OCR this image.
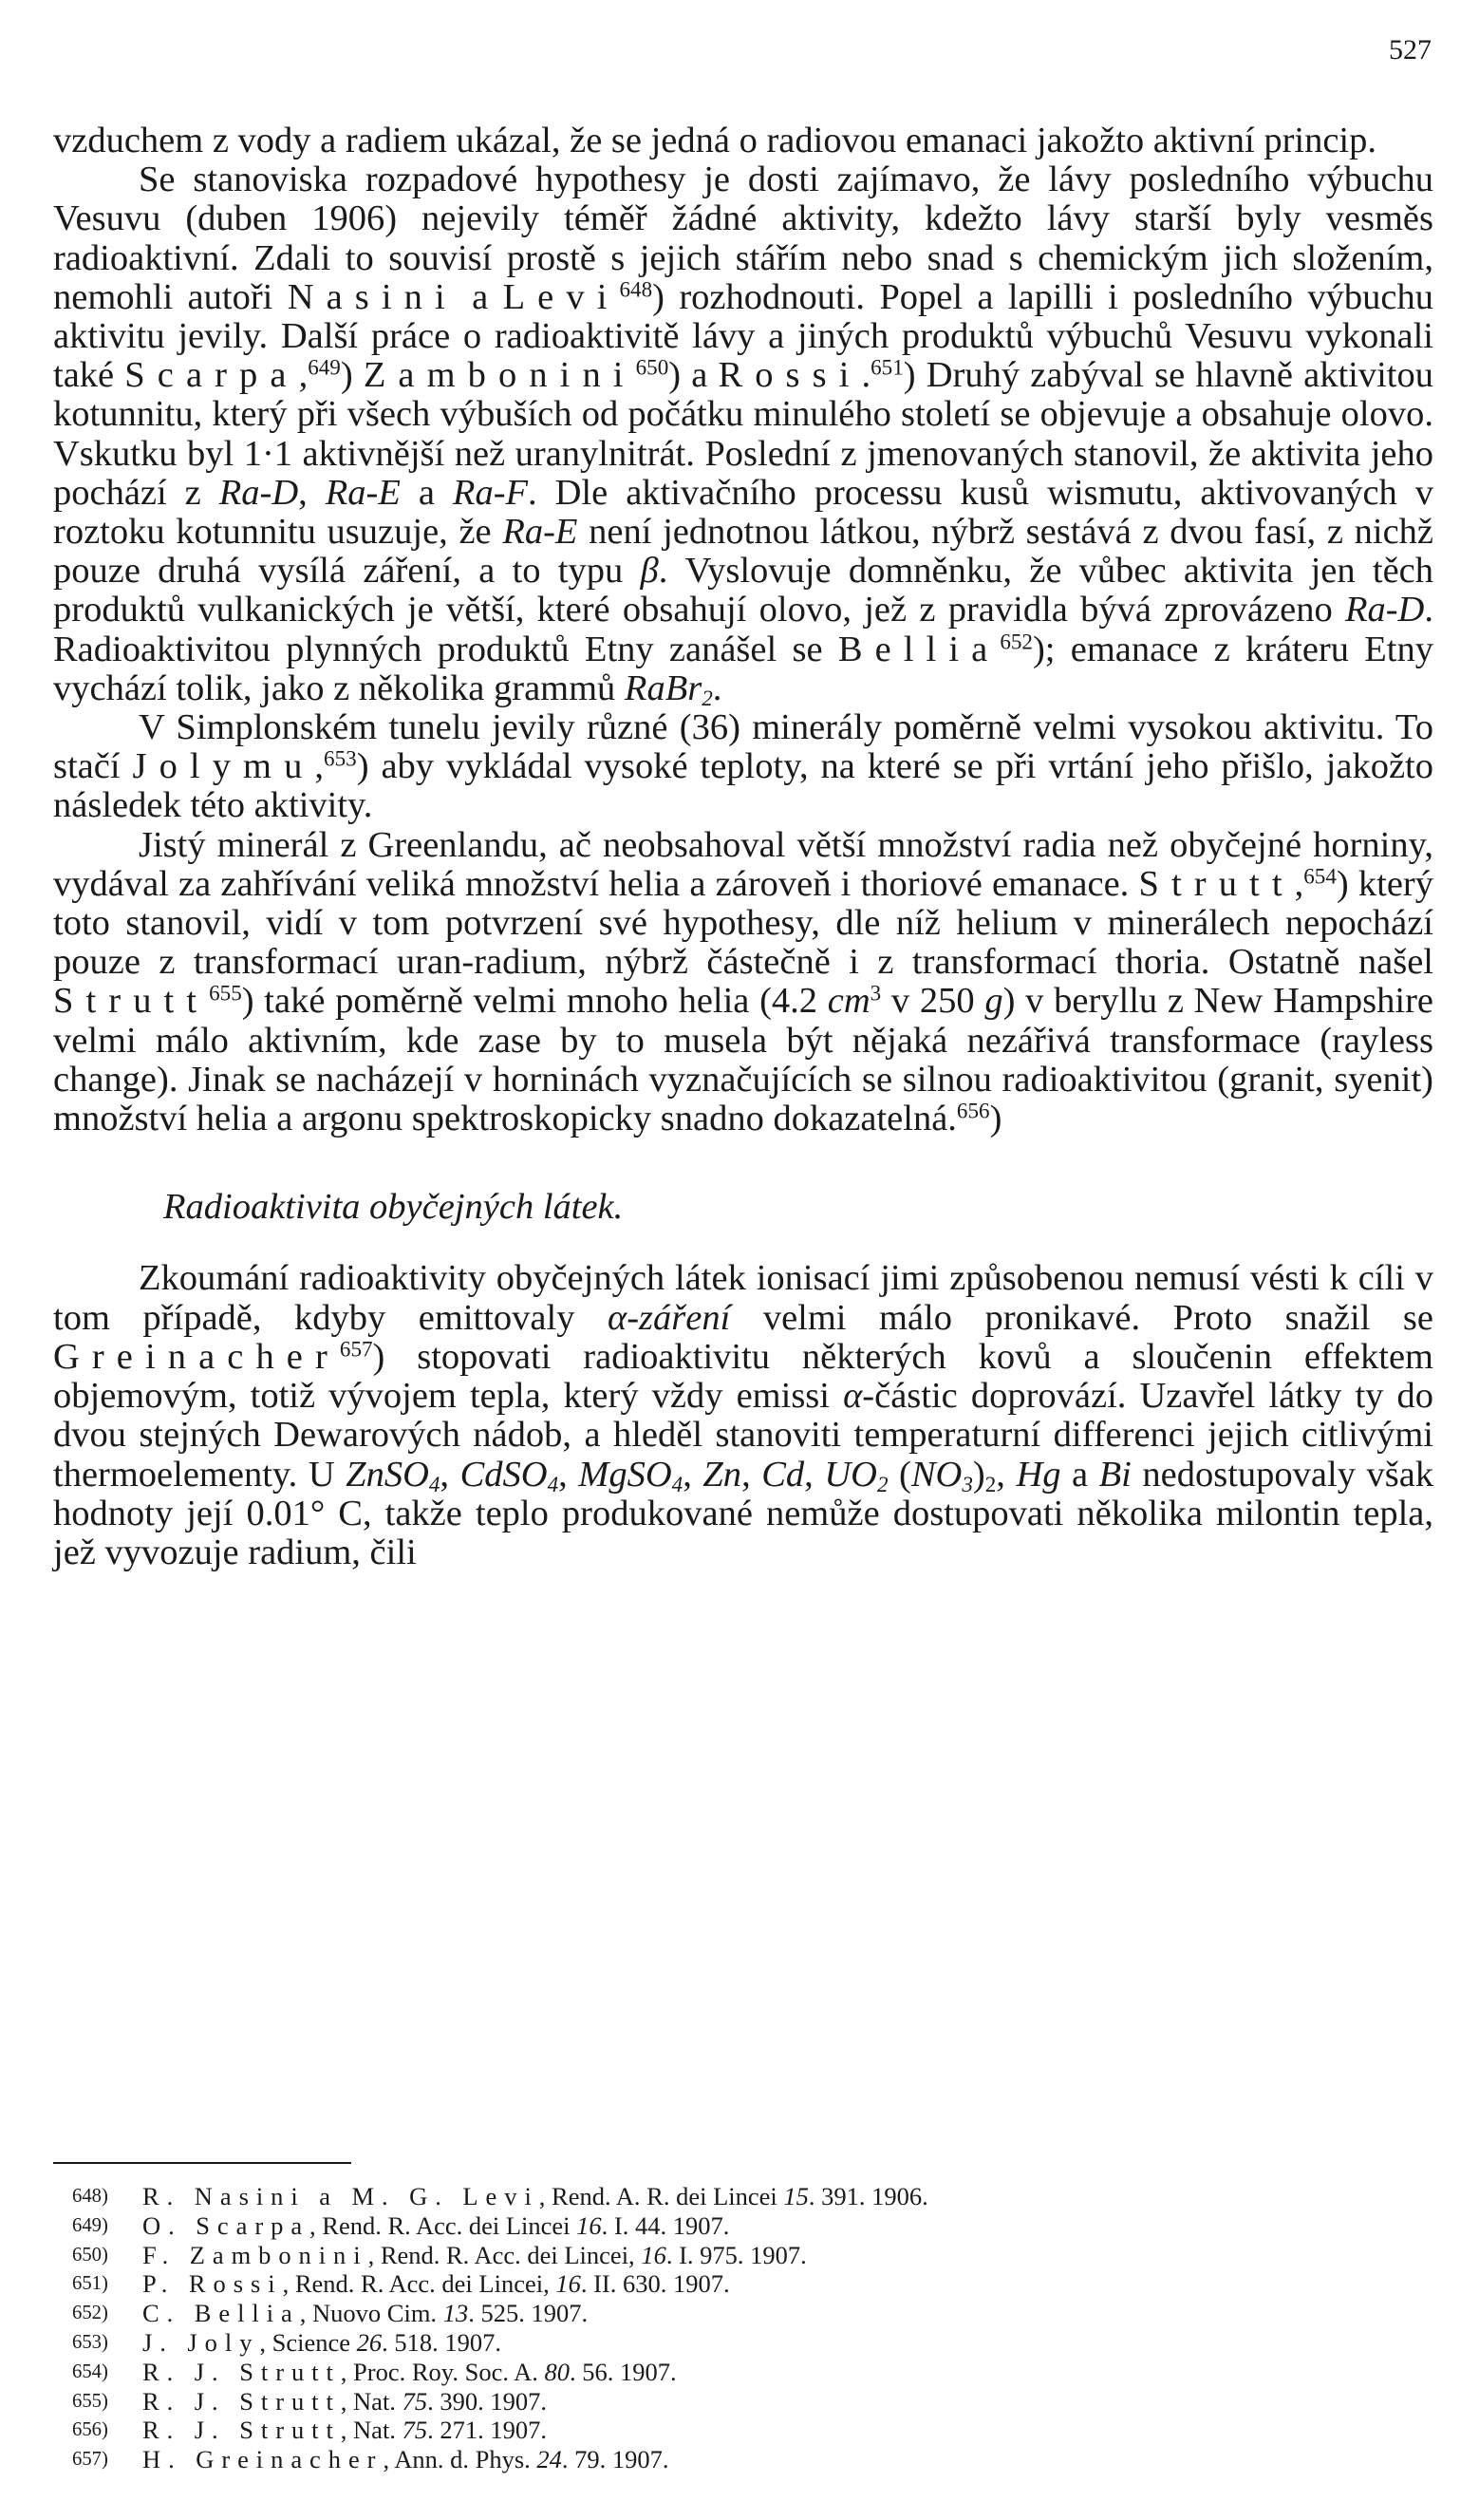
527

vzduchem z vody a radiem ukázal, že se jedná o radiovou emanaci jakožto aktivní princip.

Se stanoviska rozpadové hypothesy je dosti zajímavo, že lávy posledního výbuchu Vesuvu (duben 1906) nejevily téměř žádné aktivity, kdežto lávy starší byly vesměs radioaktivní. Zdali to souvisí prostě s jejich stářím nebo snad s chemickým jich složením, nemohli autoři Nasini a Levi$^{648}$) rozhodnouti. Popel a lapilli i posledního výbuchu aktivitu jevily. Další práce o radioaktivitě lávy a jiných produktů výbuchů Vesuvu vykonali také Scarpa,$^{649}$) Zambonini$^{650}$) a Rossi.$^{651}$) Druhý zabýval se hlavně aktivitou kotunnitu, který při všech výbuších od počátku minulého století se objevuje a obsahuje olovo. Vskutku byl 1·1 aktivnější než uranylnitrát. Poslední z jmenovaných stanovil, že aktivita jeho pochází z Ra-D, Ra-E a Ra-F. Dle aktivačního processu kusů wismutu, aktivovaných v roztoku kotunnitu usuzuje, že Ra-E není jednotnou látkou, nýbrž sestává z dvou fasí, z nichž pouze druhá vysílá záření, a to typu β. Vyslovuje domněnku, že vůbec aktivita jen těch produktů vulkanických je větší, které obsahují olovo, jež z pravidla bývá zprovázeno Ra-D. Radioaktivitou plynných produktů Etny zanášel se Bellia$^{652}$); emanace z kráteru Etny vychází tolik, jako z několika grammů RaBr$_2$.

V Simplonském tunelu jevily různé (36) minerály poměrně velmi vysokou aktivitu. To stačí Jolymu,$^{653}$) aby vykládal vysoké teploty, na které se při vrtání jeho přišlo, jakožto následek této aktivity.

Jistý minerál z Greenlandu, ač neobsahoval větší množství radia než obyčejné horniny, vydával za zahřívání veliká množství helia a zároveň i thoriové emanace. Strutt,$^{654}$) který toto stanovil, vidí v tom potvrzení své hypothesy, dle níž helium v minerálech nepochází pouze z transformací uran-radium, nýbrž částečně i z transformací thoria. Ostatně našel Strutt$^{655}$) také poměrně velmi mnoho helia (4.2 $cm^3$ v 250 g) v beryllu z New Hampshire velmi málo aktivním, kde zase by to musela být nějaká nezářivá transformace (rayless change). Jinak se nacházejí v horninách vyznačujících se silnou radioaktivitou (granit, syenit) množství helia a argonu spektroskopicky snadno dokazatelná.$^{656}$)

Radioaktivita obyčejných látek.

Zkoumání radioaktivity obyčejných látek ionisací jimi způsobenou nemusí vésti k cíli v tom případě, kdyby emittovaly α-záření velmi málo pronikavé. Proto snažil se Greinacher$^{657}$) stopovati radioaktivitu některých kovů a sloučenin effektem objemovým, totiž vývojem tepla, který vždy emissi α-částic doprovází. Uzavřel látky ty do dvou stejných Dewarových nádob, a hleděl stanoviti temperaturní differenci jejich citlivými thermoelementy. U ZnSO$_4$, CdSO$_4$, MgSO$_4$, Zn, Cd, $UO_2$ $(NO_3)_2$, Hg a Bi nedostupovaly však hodnoty její 0.01° C, takže teplo produkované nemůže dostupovati několika milontin tepla, jež vyvozuje radium, čili

$^{648)}$	R. Nasini a M. G. Levi, Rend. A. R. dei Lincei 15. 391. 1906.
$^{649)}$	O. Scarpa, Rend. R. Acc. dei Lincei 16. I. 44. 1907.
$^{650)}$	F. Zambonini, Rend. R. Acc. dei Lincei, 16. I. 975. 1907.
$^{651)}$	P. Rossi, Rend. R. Acc. dei Lincei, 16. II. 630. 1907.
$^{652)}$	C. Bellia, Nuovo Cim. 13. 525. 1907.
$^{653)}$	J. Joly, Science 26. 518. 1907.
$^{654)}$	R. J. Strutt, Proc. Roy. Soc. A. 80. 56. 1907.
$^{655)}$	R. J. Strutt, Nat. 75. 390. 1907.
$^{656)}$	R. J. Strutt, Nat. 75. 271. 1907.
$^{657)}$	H. Greinacher, Ann. d. Phys. 24. 79. 1907.
